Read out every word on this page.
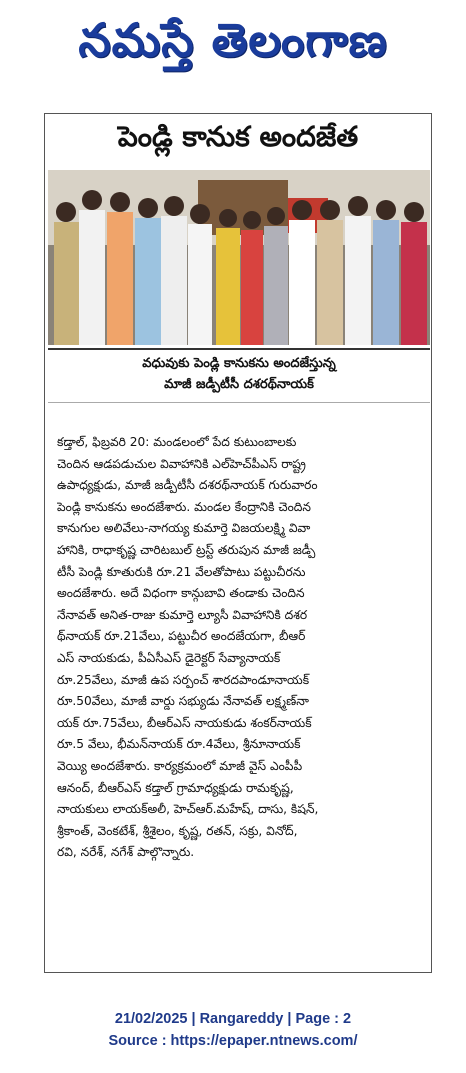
నమస్తే తెలంగాణ
పెండ్లి కానుక అందజేత
వధువుకు పెండ్లి కానుకను అందజేస్తున్న
మాజీ జడ్పీటీసీ దశరథ్‌నాయక్
కడ్తాల్, ఫిబ్రవరి 20: మండలంలో పేద కుటుంబాలకు
చెందిన ఆడపడుచుల వివాహానికి ఎల్‌హెచ్‌పీఎస్ రాష్ట్ర
ఉపాధ్యక్షుడు, మాజీ జడ్పీటీసీ దశరథ్‌నాయక్ గురువారం
పెండ్లి కానుకను అందజేశారు. మండల కేంద్రానికి చెందిన
కానుగుల అలివేలు-నాగయ్య కుమార్తె విజయలక్ష్మి వివా
హానికి, రాధాకృష్ణ చారిటబుల్ ట్రస్ట్ తరుపున మాజీ జడ్పీ
టీసీ పెండ్లి కూతురుకి రూ.21 వేలతోపాటు పట్టుచీరను
అందజేశారు. అదే విధంగా కాన్గుబావి తండాకు చెందిన
నేనావత్ అనిత-రాజు కుమార్తె ల్యూసీ వివాహానికి దశర
థ్‌నాయక్ రూ.21వేలు, పట్టుచీర అందజేయగా, బీఆర్
ఎస్ నాయకుడు, పీఏసీఎస్ డైరెక్టర్ సేవ్యానాయక్
రూ.25వేలు, మాజీ ఉప సర్పంచ్ శారదపాండూనాయక్
రూ.50వేలు, మాజీ వార్డు సభ్యుడు నేనావత్ లక్ష్మణ్‌నా
యక్ రూ.75వేలు, బీఆర్ఎస్ నాయకుడు శంకర్‌నాయక్
రూ.5 వేలు, భీమన్‌నాయక్ రూ.4వేలు, శ్రీనూనాయక్
వెయ్యి అందజేశారు. కార్యక్రమంలో మాజీ వైస్ ఎంపీపీ
ఆనంద్, బీఆర్ఎస్ కడ్తాల్ గ్రామాధ్యక్షుడు రామకృష్ణ,
నాయకులు లాయక్‌అలీ, హెచ్‌ఆర్.మహేష్, దాసు, కిషన్,
శ్రీకాంత్, వెంకటేశ్, శ్రీశైలం, కృష్ణ, రతన్, సక్రు, వినోద్,
రవి, నరేశ్, నగేశ్ పాల్గొన్నారు.
21/02/2025 | Rangareddy | Page : 2
Source : https://epaper.ntnews.com/
